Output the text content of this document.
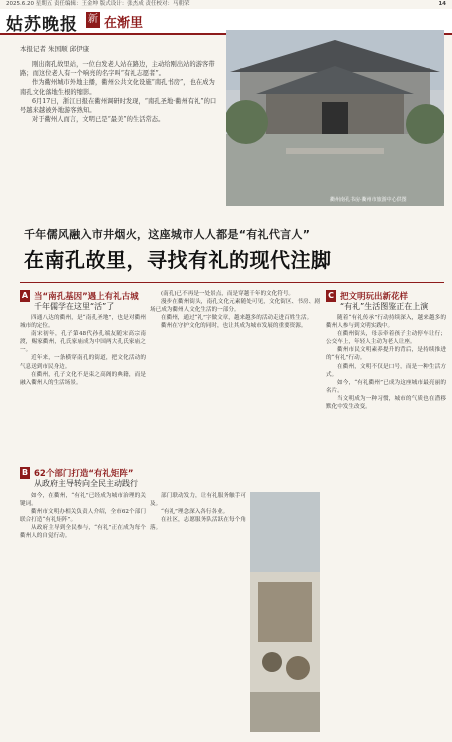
2025.6.20 星期五 责任编辑：王金坤 版式设计：张杰成 责任校对：马朝荣	14
姑苏晚报 新 在渐里
本报记者 朱国顺 邱伊康

刚出南孔故里站，一位白发老人站在路边，主动给刚出站的游客带路；而这位老人有一个响亮的名字叫“有礼志愿者”。

作为衢州城市外地主播，衢州公共文化设施“南孔书房”，也在成为南孔文化落地生根的缩影。

6月17日，浙江日报在衢州调研时发现，“南孔圣地·衢州有礼”的口号越来越被外地游客熟知。

对于衢州人而言，文明已是“最美”的生活常态。

衢州南孔书房·衢州市旅游中心供图
千年儒风融入市井烟火，这座城市人人都是“有礼代言人”
在南孔故里，寻找有礼的现代注脚
A 当“南孔基因”遇上有礼古城
千年儒学在这里“活”了

四通八达的衢州，是“南孔圣地”，也是对衢州城市的定位。

南宋初年，孔子第48代孙孔端友随宋高宗南渡，赐家衢州，孔氏家庙成为中国两大孔氏家庙之一。

近年来，一条横穿南孔的街道，把文化活动的气息送到市民身边。

在衢州，孔子文化不是束之高阁的典籍，而是融入衢州人的生活场景。

(南孔)已不再是一处景点，而是穿越千年的文化符号。

漫步在衢州街头，南孔文化元素随处可见，文化街区、书房、剧场已成为衢州人文化生活的一部分。

在衢州，通过“礼”字做文章，越来越多的活动走进百姓生活。

衢州在守护文化的同时，也让其成为城市发展的重要资源。

C 把文明玩出新花样
“有礼”生活图鉴正在上演

随着“有礼传承”行动持续深入，越来越多的衢州人参与到文明实践中。

在衢州街头，母亲牵着孩子主动停车让行；公交车上，年轻人主动为老人让座。

衢州市民文明素养提升的背后，是持续推进的“有礼”行动。

在衢州，文明不仅是口号，而是一种生活方式。

如今，“有礼衢州”已成为这座城市最亮丽的名片。

当文明成为一种习惯，城市的气质也在潜移默化中发生改变。

B 62个部门打造“有礼矩阵”
从政府主导转向全民主动践行

如今，在衢州，“有礼”已经成为城市治理的关键词。

衢州市文明办相关负责人介绍，全市62个部门联合打造“有礼矩阵”。

从政府主导到全民参与，“有礼”正在成为每个衢州人的自觉行动。

部门联动发力，让有礼服务触手可及。

“有礼”理念深入各行各业。

在社区，志愿服务队活跃在每个角落。
